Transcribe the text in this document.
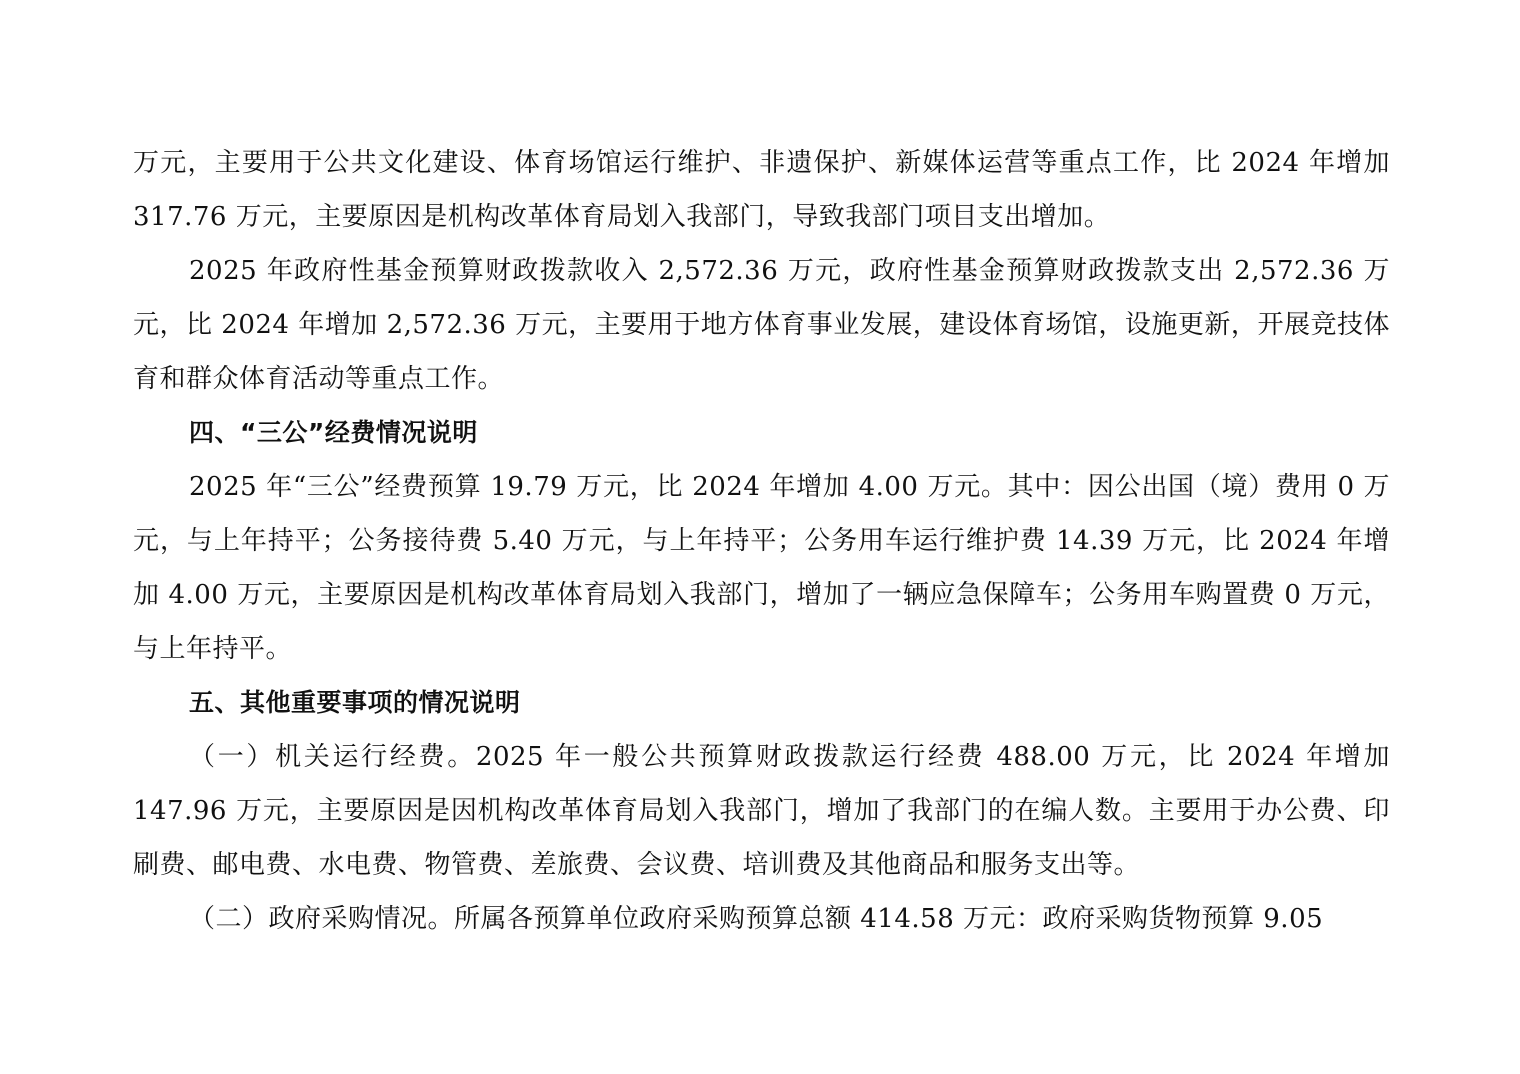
万元，主要用于公共文化建设、体育场馆运行维护、非遗保护、新媒体运营等重点工作，比 2024 年增加 317.76 万元，主要原因是机构改革体育局划入我部门，导致我部门项目支出增加。

2025 年政府性基金预算财政拨款收入 2,572.36 万元，政府性基金预算财政拨款支出 2,572.36 万元，比 2024 年增加 2,572.36 万元，主要用于地方体育事业发展，建设体育场馆，设施更新，开展竞技体育和群众体育活动等重点工作。

四、“三公”经费情况说明

2025 年“三公”经费预算 19.79 万元，比 2024 年增加 4.00 万元。其中：因公出国（境）费用 0 万元，与上年持平；公务接待费 5.40 万元，与上年持平；公务用车运行维护费 14.39 万元，比 2024 年增加 4.00 万元，主要原因是机构改革体育局划入我部门，增加了一辆应急保障车；公务用车购置费 0 万元，与上年持平。

五、其他重要事项的情况说明

（一）机关运行经费。2025 年一般公共预算财政拨款运行经费 488.00 万元，比 2024 年增加 147.96 万元，主要原因是因机构改革体育局划入我部门，增加了我部门的在编人数。主要用于办公费、印刷费、邮电费、水电费、物管费、差旅费、会议费、培训费及其他商品和服务支出等。

（二）政府采购情况。所属各预算单位政府采购预算总额 414.58 万元：政府采购货物预算 9.05
